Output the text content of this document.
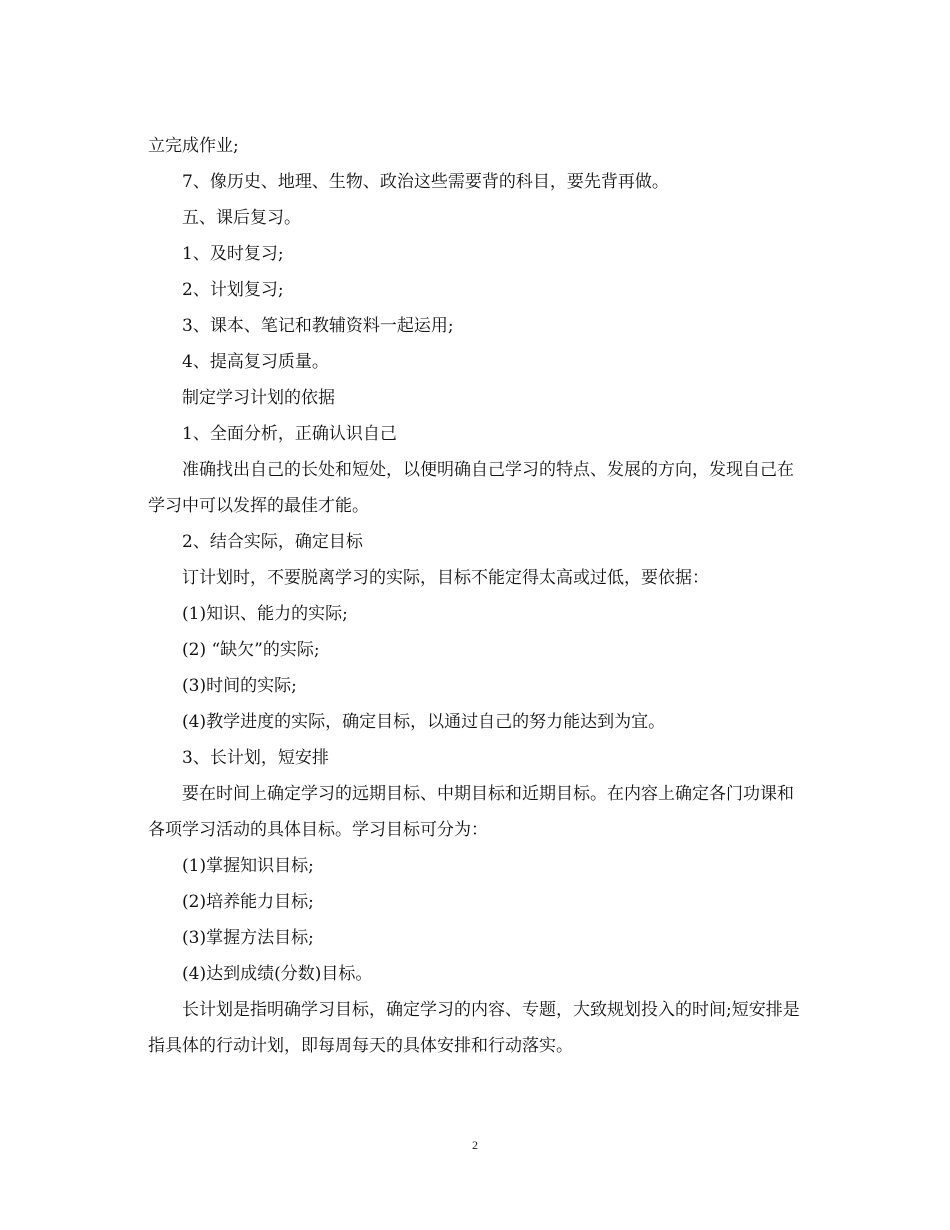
立完成作业;

7、像历史、地理、生物、政治这些需要背的科目，要先背再做。

五、课后复习。

1、及时复习;

2、计划复习;

3、课本、笔记和教辅资料一起运用;

4、提高复习质量。

制定学习计划的依据

1、全面分析，正确认识自己

准确找出自己的长处和短处，以便明确自己学习的特点、发展的方向，发现自己在学习中可以发挥的最佳才能。

2、结合实际，确定目标

订计划时，不要脱离学习的实际，目标不能定得太高或过低，要依据：

(1)知识、能力的实际;

(2) “缺欠”的实际;

(3)时间的实际;

(4)教学进度的实际，确定目标，以通过自己的努力能达到为宜。

3、长计划，短安排

要在时间上确定学习的远期目标、中期目标和近期目标。在内容上确定各门功课和各项学习活动的具体目标。学习目标可分为：

(1)掌握知识目标;

(2)培养能力目标;

(3)掌握方法目标;

(4)达到成绩(分数)目标。

长计划是指明确学习目标，确定学习的内容、专题，大致规划投入的时间;短安排是指具体的行动计划，即每周每天的具体安排和行动落实。

2
